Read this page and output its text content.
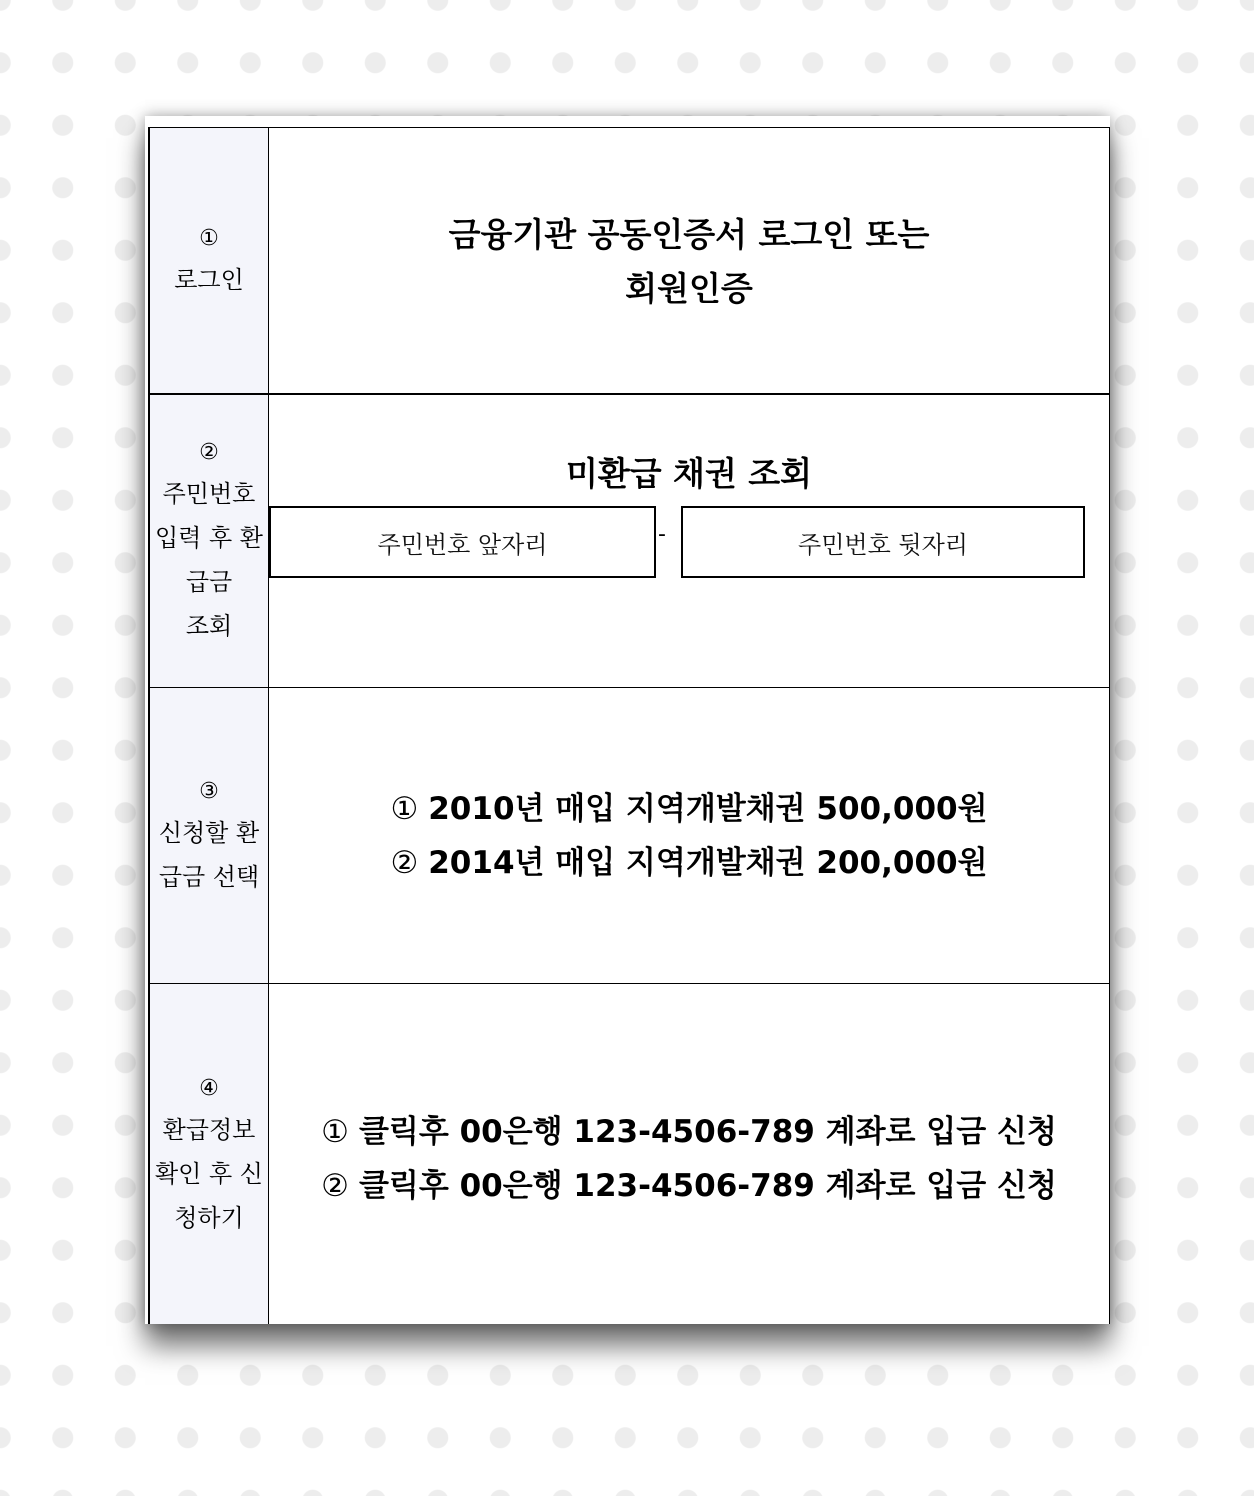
①
로그인
금융기관 공동인증서 로그인 또는
회원인증
②
주민번호
입력 후 환
급금
조회
미환급 채권 조회
주민번호 앞자리	-	주민번호 뒷자리
③
신청할 환
급금 선택
① 2010년 매입 지역개발채권 500,000원
② 2014년 매입 지역개발채권 200,000원
④
환급정보
확인 후 신
청하기
① 클릭후 00은행 123-4506-789 계좌로 입금 신청
② 클릭후 00은행 123-4506-789 계좌로 입금 신청
